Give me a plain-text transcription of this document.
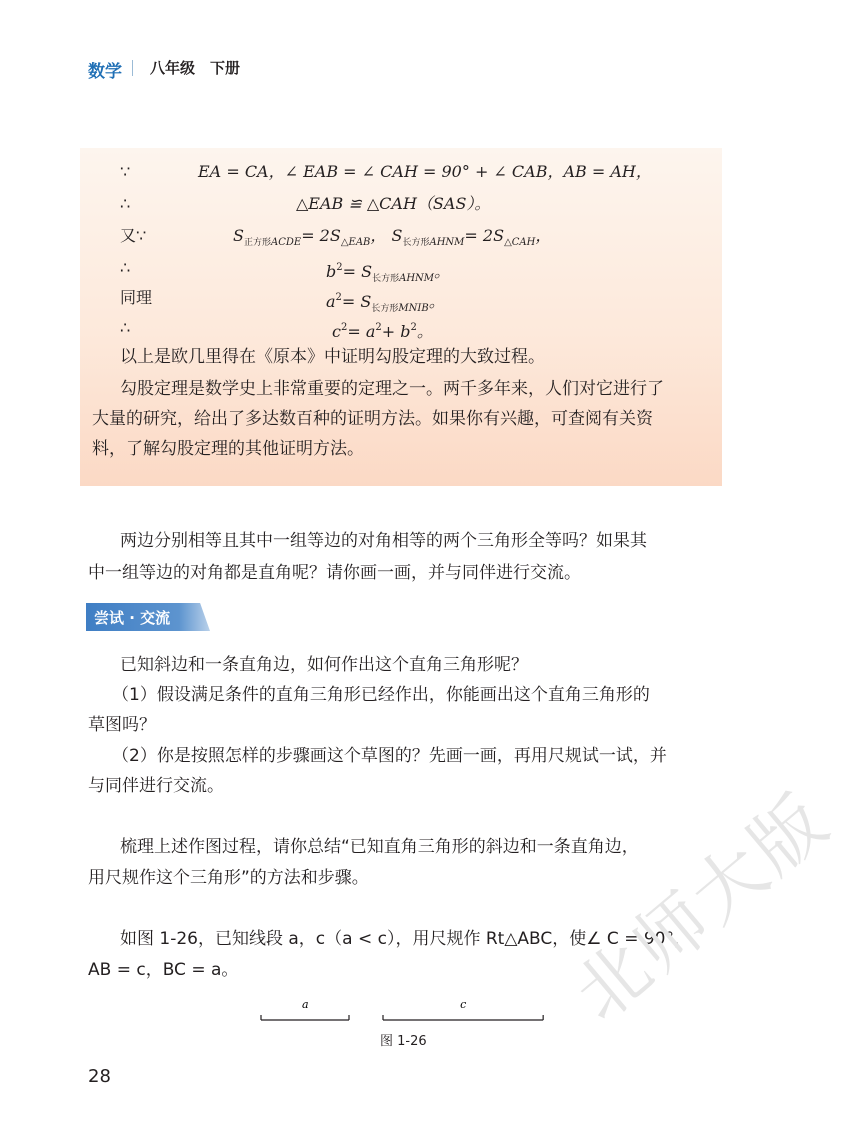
数学 八年级　下册
∵	EA = CA，∠ EAB = ∠ CAH = 90° + ∠ CAB，AB = AH，
∴	△EAB ≌ △CAH（SAS）。
又∵	$S_{正方形ACDE}= 2S_{\triangle EAB}$， $S_{长方形AHNM}= 2S_{\triangle CAH}$，
∴	$b^2= S_{长方形AHNM}$。
同理	$a^2= S_{长方形MNIB}$。
∴	$c^2= a^2+ b^2$。
以上是欧几里得在《原本》中证明勾股定理的大致过程。
勾股定理是数学史上非常重要的定理之一。两千多年来，人们对它进行了
大量的研究，给出了多达数百种的证明方法。如果你有兴趣，可查阅有关资
料，了解勾股定理的其他证明方法。
两边分别相等且其中一组等边的对角相等的两个三角形全等吗？如果其
中一组等边的对角都是直角呢？请你画一画，并与同伴进行交流。
尝试 · 交流
已知斜边和一条直角边，如何作出这个直角三角形呢？
（1）假设满足条件的直角三角形已经作出，你能画出这个直角三角形的
草图吗？
（2）你是按照怎样的步骤画这个草图的？先画一画，再用尺规试一试，并
与同伴进行交流。
梳理上述作图过程，请你总结“已知直角三角形的斜边和一条直角边，
用尺规作这个三角形”的方法和步骤。
如图 1-26，已知线段 a，c（a < c），用尺规作 Rt△ABC，使∠ C = 90°，
AB = c，BC = a。
a	c
图 1-26
28
北师大版
